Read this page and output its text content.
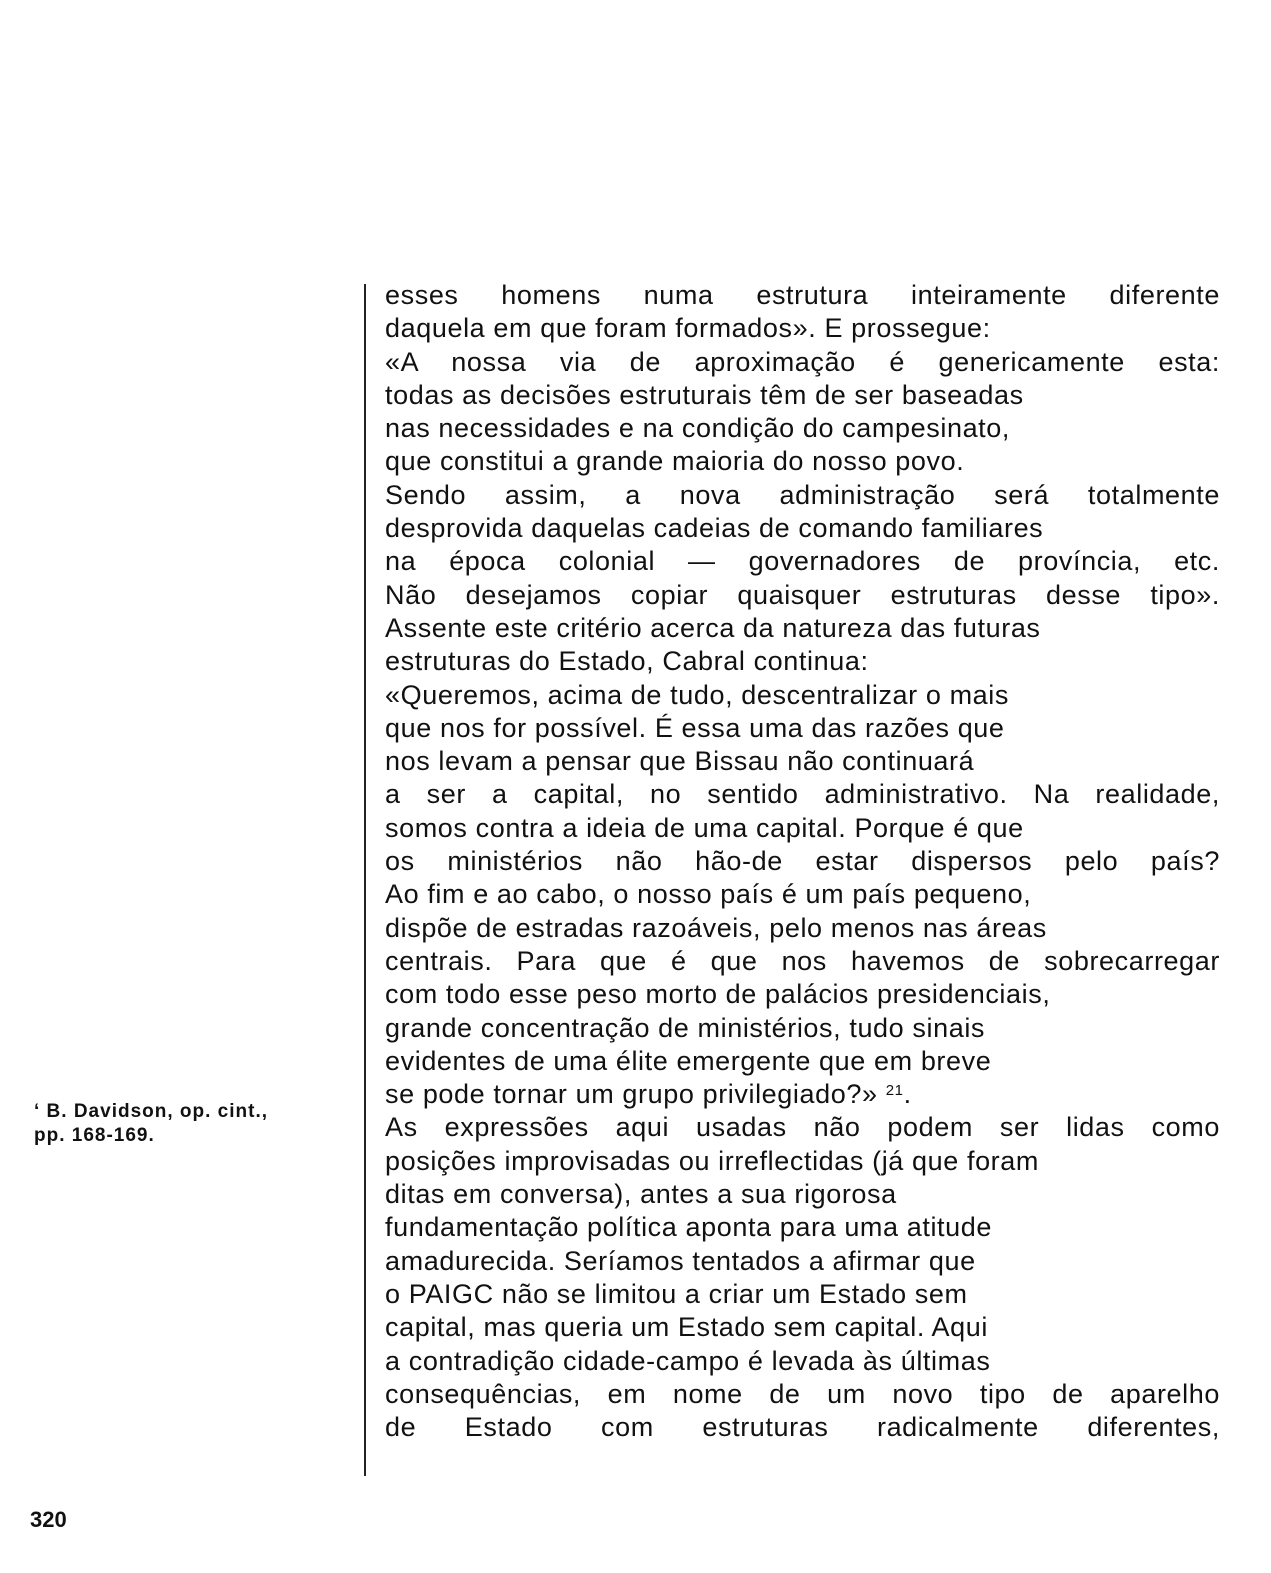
esses homens numa estrutura inteiramente diferente
daquela em que foram formados». E prossegue:
«A nossa via de aproximação é genericamente esta:
todas as decisões estruturais têm de ser baseadas
nas necessidades e na condição do campesinato,
que constitui a grande maioria do nosso povo.
Sendo assim, a nova administração será totalmente
desprovida daquelas cadeias de comando familiares
na época colonial — governadores de província, etc.
Não desejamos copiar quaisquer estruturas desse tipo».
Assente este critério acerca da natureza das futuras
estruturas do Estado, Cabral continua:
«Queremos, acima de tudo, descentralizar o mais
que nos for possível. É essa uma das razões que
nos levam a pensar que Bissau não continuará
a ser a capital, no sentido administrativo. Na realidade,
somos contra a ideia de uma capital. Porque é que
os ministérios não hão-de estar dispersos pelo país?
Ao fim e ao cabo, o nosso país é um país pequeno,
dispõe de estradas razoáveis, pelo menos nas áreas
centrais. Para que é que nos havemos de sobrecarregar
com todo esse peso morto de palácios presidenciais,
grande concentração de ministérios, tudo sinais
evidentes de uma élite emergente que em breve
se pode tornar um grupo privilegiado?» $^{21}$.
As expressões aqui usadas não podem ser lidas como
posições improvisadas ou irreflectidas (já que foram
ditas em conversa), antes a sua rigorosa
fundamentação política aponta para uma atitude
amadurecida. Seríamos tentados a afirmar que
o PAIGC não se limitou a criar um Estado sem
capital, mas queria um Estado sem capital. Aqui
a contradição cidade-campo é levada às últimas
consequências, em nome de um novo tipo de aparelho
de Estado com estruturas radicalmente diferentes,
‘ B. Davidson, op. cint.,
pp. 168-169.
320
